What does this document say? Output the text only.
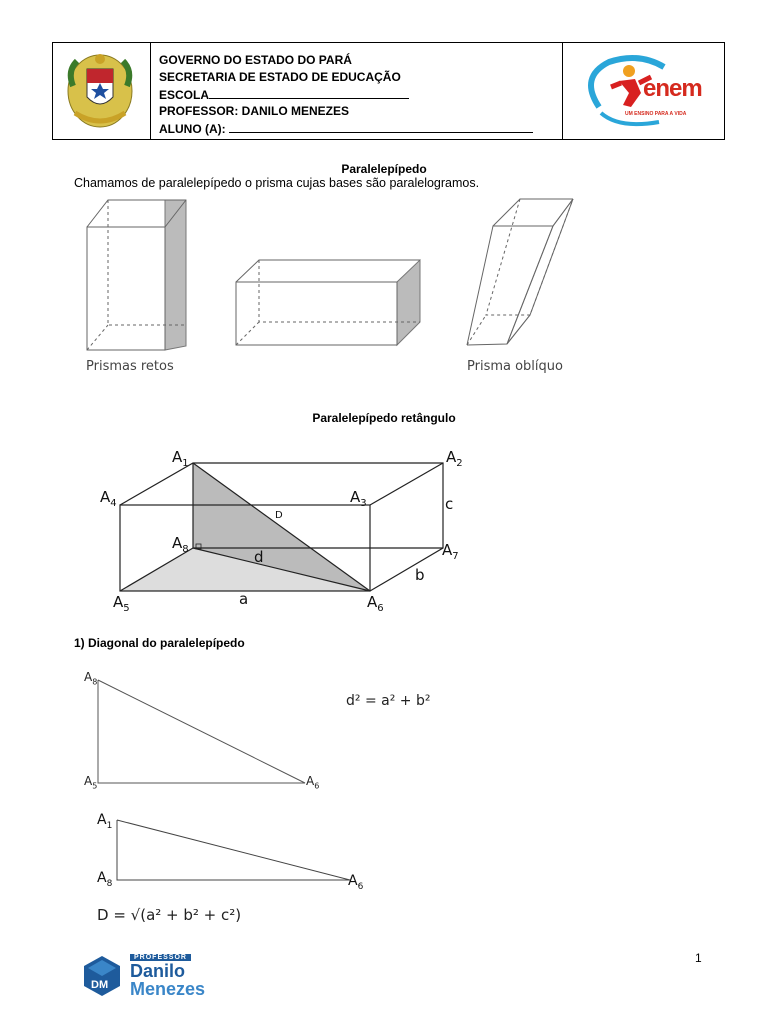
GOVERNO DO ESTADO DO PARÁ
SECRETARIA DE ESTADO DE EDUCAÇÃO
ESCOLA
PROFESSOR: DANILO MENEZES
ALUNO (A):
enem
UM ENSINO PARA A VIDA
Paralelepípedo
Chamamos de paralelepípedo o prisma cujas bases são paralelogramos.
Prismas retos	Prisma oblíquo
Paralelepípedo retângulo
$A_1$	$A_2$
$A_3$
$A_4$
$A_5$	$A_6$
$A_7$
$A_8$
D
d
a
b
c
1) Diagonal do paralelepípedo
$A_8$
$A_5$	$A_6$
d² = a² + b²
$A_1$
$A_8$	$A_6$
D = √(a² + b² + c²)
1
DM
PROFESSOR
Danilo
Menezes
